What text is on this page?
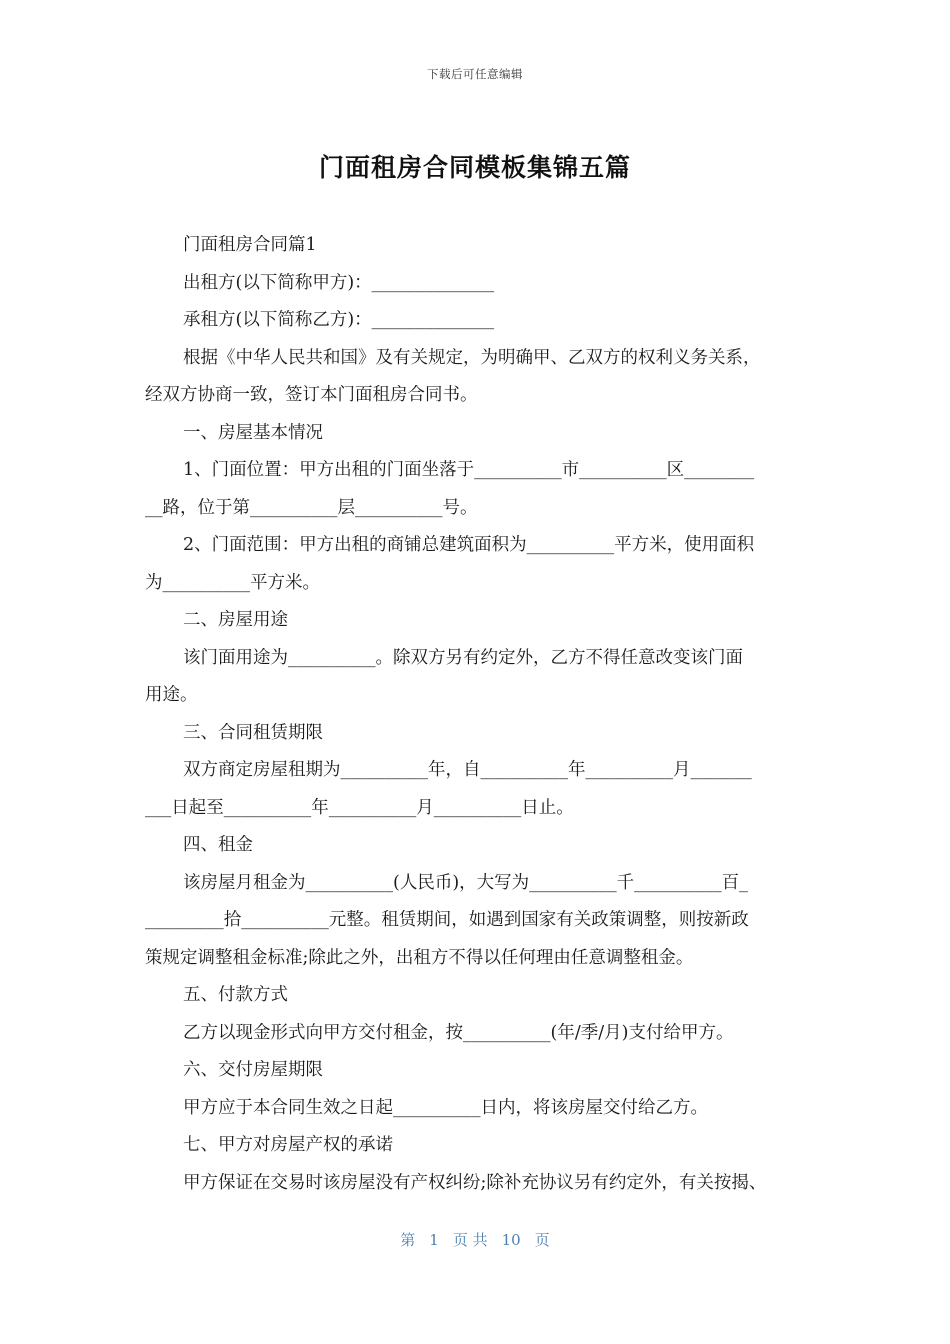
下载后可任意编辑
门面租房合同模板集锦五篇

门面租房合同篇1

出租方(以下简称甲方)：______________

承租方(以下简称乙方)：______________

根据《中华人民共和国》及有关规定，为明确甲、乙双方的权利义务关系，

经双方协商一致，签订本门面租房合同书。

一、房屋基本情况

1、门面位置：甲方出租的门面坐落于__________市__________区________

__路，位于第__________层__________号。

2、门面范围：甲方出租的商铺总建筑面积为__________平方米，使用面积

为__________平方米。

二、房屋用途

该门面用途为__________。除双方另有约定外，乙方不得任意改变该门面

用途。

三、合同租赁期限

双方商定房屋租期为__________年，自__________年__________月_______

___日起至__________年__________月__________日止。

四、租金

该房屋月租金为__________(人民币)，大写为__________千__________百_

_________拾__________元整。租赁期间，如遇到国家有关政策调整，则按新政

策规定调整租金标准;除此之外，出租方不得以任何理由任意调整租金。

五、付款方式

乙方以现金形式向甲方交付租金，按__________(年/季/月)支付给甲方。

六、交付房屋期限

甲方应于本合同生效之日起__________日内，将该房屋交付给乙方。

七、甲方对房屋产权的承诺

甲方保证在交易时该房屋没有产权纠纷;除补充协议另有约定外，有关按揭、

第 1 页 共 10 页
